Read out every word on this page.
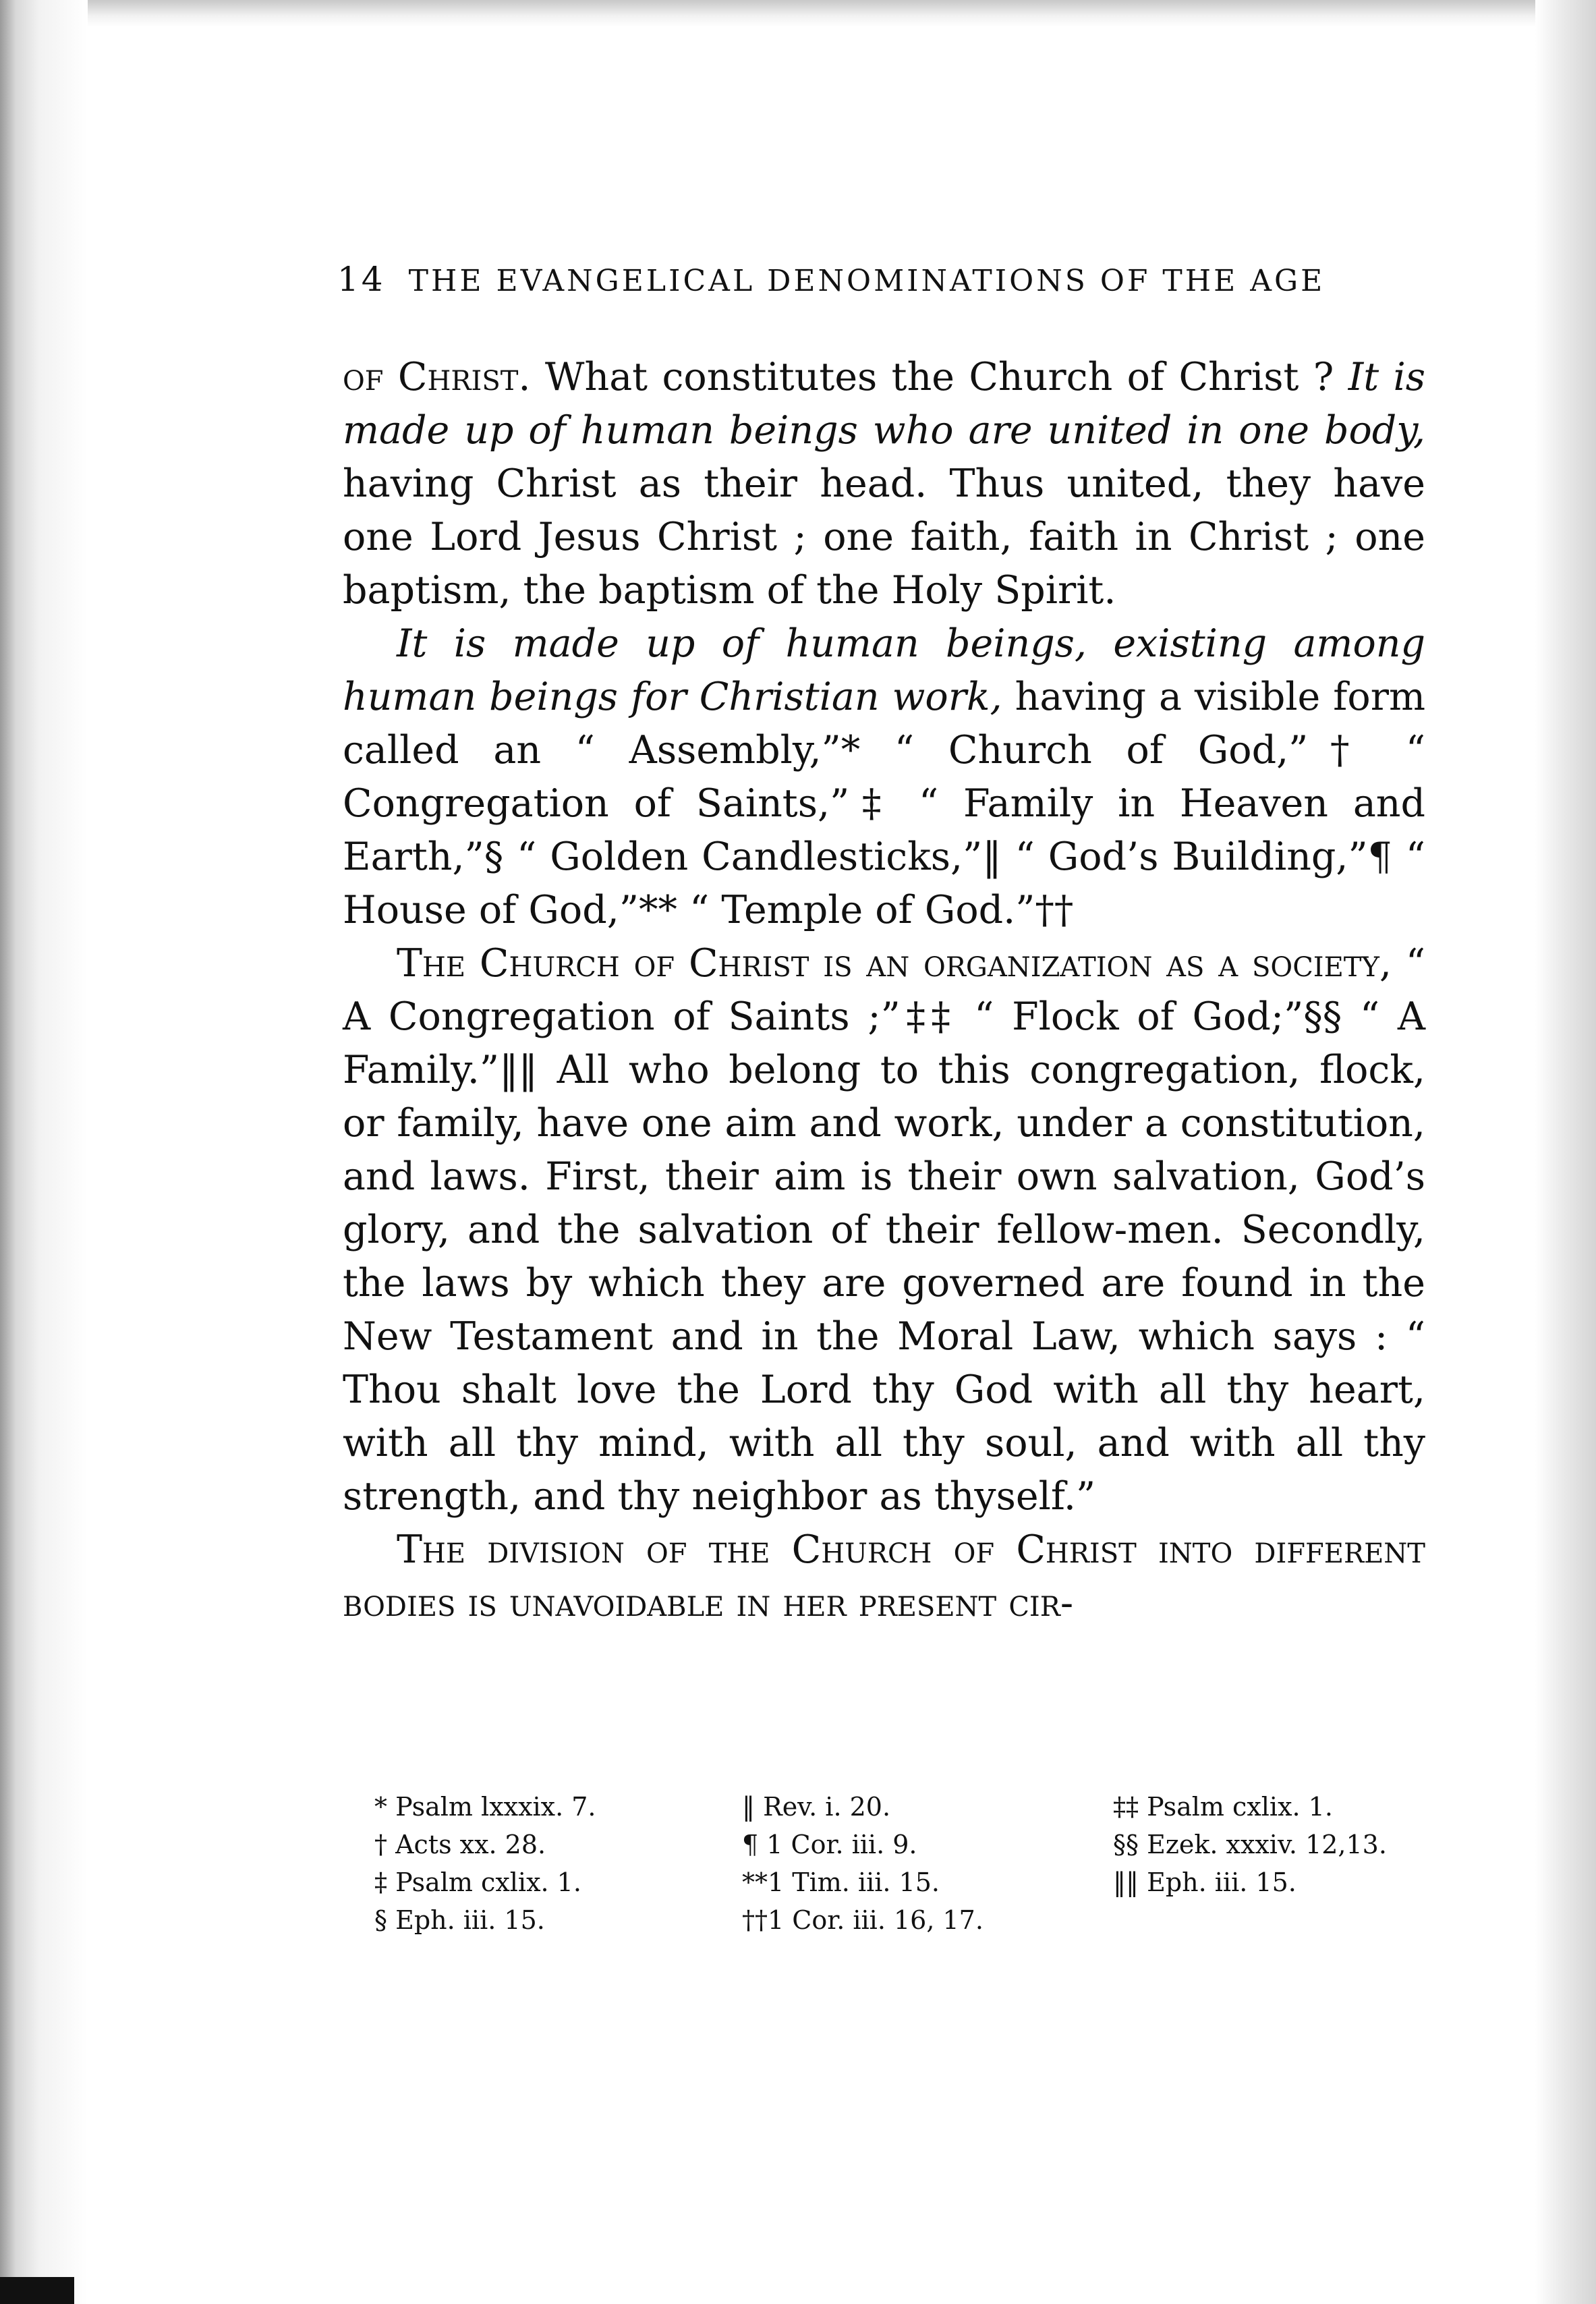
14 THE EVANGELICAL DENOMINATIONS OF THE AGE

of Christ. What constitutes the Church of Christ ? It is made up of human beings who are united in one body, having Christ as their head. Thus united, they have one Lord Jesus Christ ; one faith, faith in Christ ; one baptism, the baptism of the Holy Spirit.

It is made up of human beings, existing among human beings for Christian work, having a visible form called an “ Assembly,”* “ Church of God,”† “ Congregation of Saints,”‡ “ Family in Heaven and Earth,”§ “ Golden Candlesticks,”‖ “ God’s Building,”¶ “ House of God,”** “ Temple of God.”††

The Church of Christ is an organization as a society, “ A Congregation of Saints ;”‡‡ “ Flock of God;”§§ “ A Family.”‖‖ All who belong to this congregation, flock, or family, have one aim and work, under a constitution, and laws. First, their aim is their own salvation, God’s glory, and the salvation of their fellow-men. Secondly, the laws by which they are governed are found in the New Testament and in the Moral Law, which says : “ Thou shalt love the Lord thy God with all thy heart, with all thy mind, with all thy soul, and with all thy strength, and thy neighbor as thyself.”

The division of the Church of Christ into different bodies is unavoidable in her present cir-

* Psalm lxxxix. 7.
† Acts xx. 28.
‡ Psalm cxlix. 1.
§ Eph. iii. 15.
‖ Rev. i. 20.
¶ 1 Cor. iii. 9.
**1 Tim. iii. 15.
††1 Cor. iii. 16, 17.
‡‡ Psalm cxlix. 1.
§§ Ezek. xxxiv. 12,13.
‖‖ Eph. iii. 15.
